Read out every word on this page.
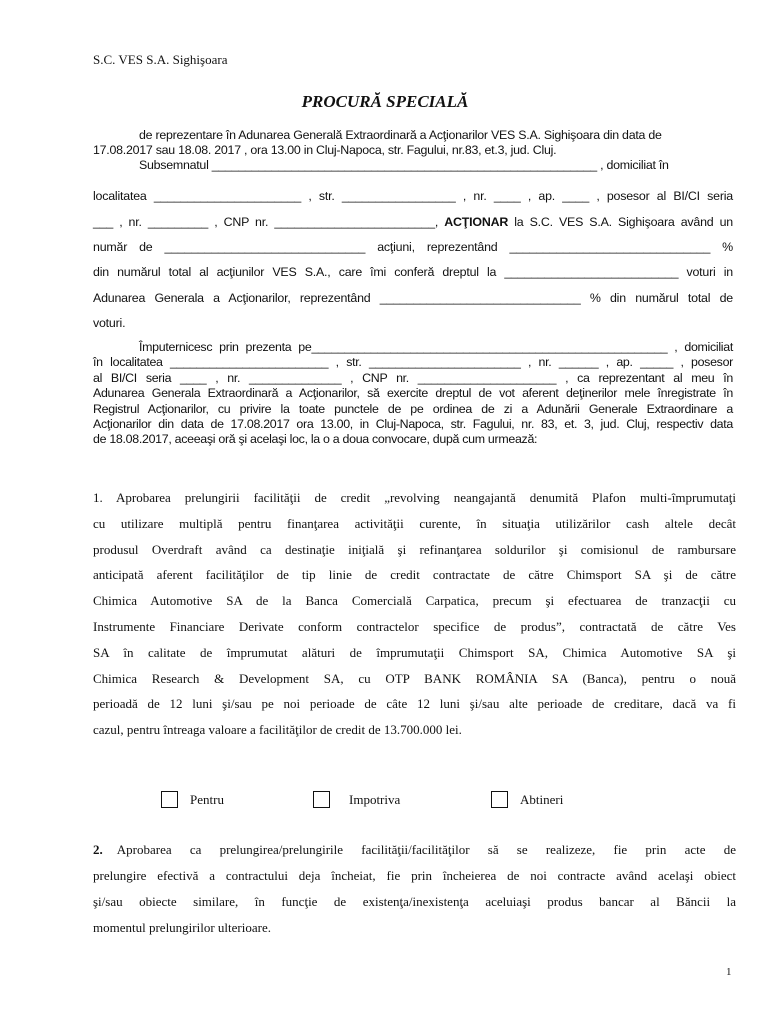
S.C. VES S.A. Sighişoara
PROCURĂ SPECIALĂ
de reprezentare în Adunarea Generală Extraordinară a Acţionarilor VES S.A. Sighişoara din data de
17.08.2017 sau 18.08. 2017 , ora 13.00 in Cluj-Napoca, str. Fagului, nr.83, et.3, jud. Cluj.
Subsemnatul __________________________________________________________ , domiciliat în
localitatea ______________________ , str. _________________ , nr. ____ , ap. ____ , posesor al BI/CI seria
___ , nr. _________ , CNP nr. ________________________, ACŢIONAR la S.C. VES S.A. Sighişoara având un
număr de ______________________________ acţiuni, reprezentând ______________________________ %
din numărul total al acţiunilor VES S.A., care îmi conferă dreptul la __________________________ voturi in
Adunarea Generala a Acţionarilor, reprezentând ______________________________ % din numărul total de
voturi.
Împuternicesc prin prezenta pe______________________________________________________ , domiciliat
în localitatea ________________________ , str. _______________________ , nr. ______ , ap. _____ , posesor
al BI/CI seria ____ , nr. ______________ , CNP nr. _____________________ , ca reprezentant al meu în
Adunarea Generala Extraordinară a Acţionarilor, să exercite dreptul de vot aferent deţinerilor mele înregistrate în
Registrul Acţionarilor, cu privire la toate punctele de pe ordinea de zi a Adunării Generale Extraordinare a
Acţionarilor din data de 17.08.2017 ora 13.00, in Cluj-Napoca, str. Fagului, nr. 83, et. 3, jud. Cluj, respectiv data
de 18.08.2017, aceeaşi oră şi acelaşi loc, la o a doua convocare, după cum urmează:
1. Aprobarea prelungirii facilităţii de credit „revolving neangajantă denumită Plafon multi-împrumutaţi
cu utilizare multiplă pentru finanţarea activităţii curente, în situaţia utilizărilor cash altele decât
produsul Overdraft având ca destinaţie iniţială şi refinanţarea soldurilor şi comisionul de rambursare
anticipată aferent facilităţilor de tip linie de credit contractate de către Chimsport SA şi de către
Chimica Automotive SA de la Banca Comercială Carpatica, precum şi efectuarea de tranzacţii cu
Instrumente Financiare Derivate conform contractelor specifice de produs”, contractată de către Ves
SA în calitate de împrumutat alături de împrumutaţii Chimsport SA, Chimica Automotive SA şi
Chimica Research & Development SA, cu OTP BANK ROMÂNIA SA (Banca), pentru o nouă
perioadă de 12 luni şi/sau pe noi perioade de câte 12 luni şi/sau alte perioade de creditare, dacă va fi
cazul, pentru întreaga valoare a facilităţilor de credit de 13.700.000 lei.
Pentru	Impotriva	Abtineri
2. Aprobarea ca prelungirea/prelungirile facilităţii/facilităţilor să se realizeze, fie prin acte de
prelungire efectivă a contractului deja încheiat, fie prin încheierea de noi contracte având acelaşi obiect
şi/sau obiecte similare, în funcţie de existenţa/inexistenţa aceluiaşi produs bancar al Băncii la
momentul prelungirilor ulterioare.
1
